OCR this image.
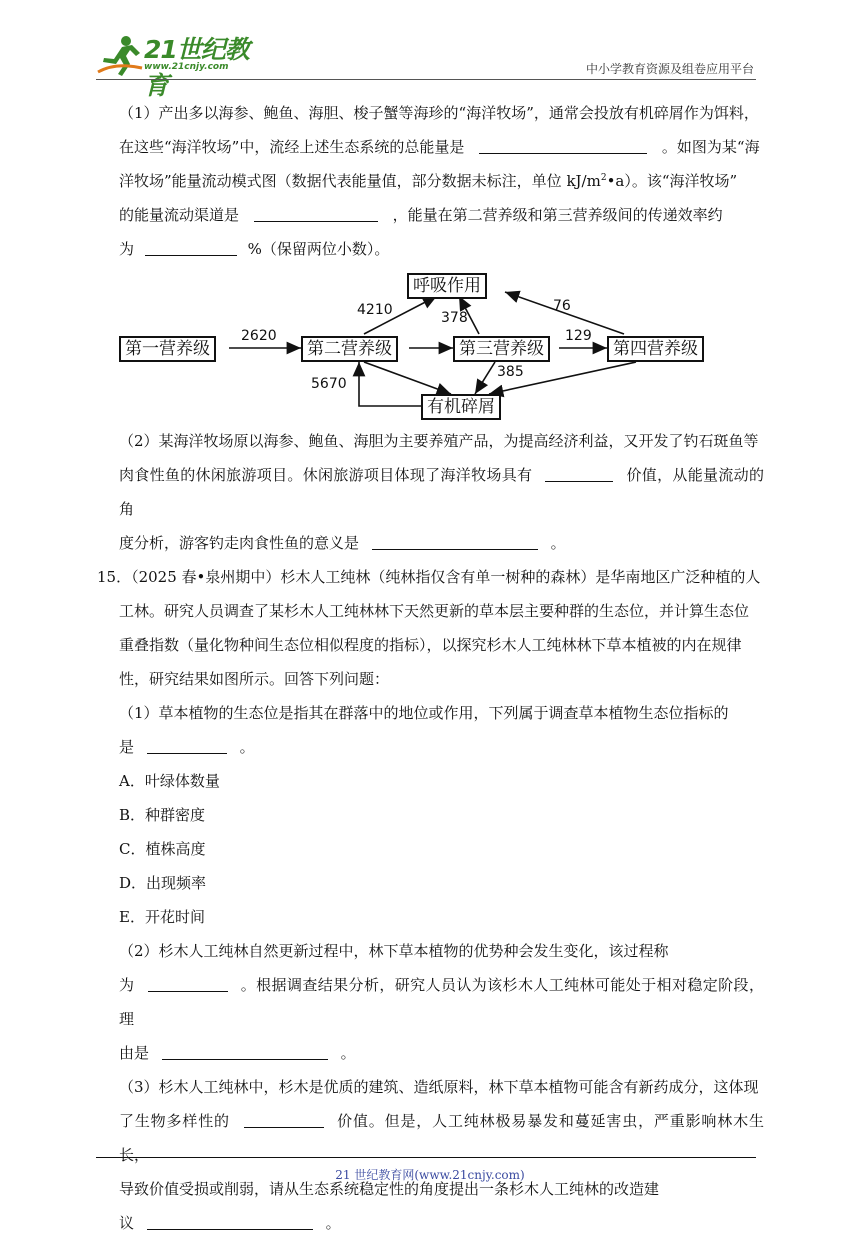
21世纪教育
www.21cnjy.com	中小学教育资源及组卷应用平台
（1）产出多以海参、鲍鱼、海胆、梭子蟹等海珍的“海洋牧场”，通常会投放有机碎屑作为饵料，
在这些“海洋牧场”中，流经上述生态系统的总能量是	。如图为某“海
洋牧场”能量流动模式图（数据代表能量值，部分数据未标注，单位 $kJ/m^2•a$）。该“海洋牧场”
的能量流动渠道是	，能量在第二营养级和第三营养级间的传递效率约
为	%（保留两位小数）。
呼吸作用
第一营养级	第二营养级	第三营养级	第四营养级
有机碎屑
2620
4210	378
76
129
385
5670
（2）某海洋牧场原以海参、鲍鱼、海胆为主要养殖产品，为提高经济利益，又开发了钓石斑鱼等
肉食性鱼的休闲旅游项目。休闲旅游项目体现了海洋牧场具有	价值，从能量流动的角
度分析，游客钓走肉食性鱼的意义是	。
15．（2025 春•泉州期中）杉木人工纯林（纯林指仅含有单一树种的森林）是华南地区广泛种植的人
工林。研究人员调查了某杉木人工纯林林下天然更新的草本层主要种群的生态位，并计算生态位
重叠指数（量化物种间生态位相似程度的指标），以探究杉木人工纯林林下草本植被的内在规律
性，研究结果如图所示。回答下列问题：
（1）草本植物的生态位是指其在群落中的地位或作用，下列属于调查草本植物生态位指标的
是	。
A．叶绿体数量
B．种群密度
C．植株高度
D．出现频率
E．开花时间
（2）杉木人工纯林自然更新过程中，林下草本植物的优势种会发生变化，该过程称
为	。根据调查结果分析，研究人员认为该杉木人工纯林可能处于相对稳定阶段，理
由是	。
（3）杉木人工纯林中，杉木是优质的建筑、造纸原料，林下草本植物可能含有新药成分，这体现
了生物多样性的	价值。但是，人工纯林极易暴发和蔓延害虫，严重影响林木生长，
导致价值受损或削弱，请从生态系统稳定性的角度提出一条杉木人工纯林的改造建
议	。
21 世纪教育网(www.21cnjy.com)
